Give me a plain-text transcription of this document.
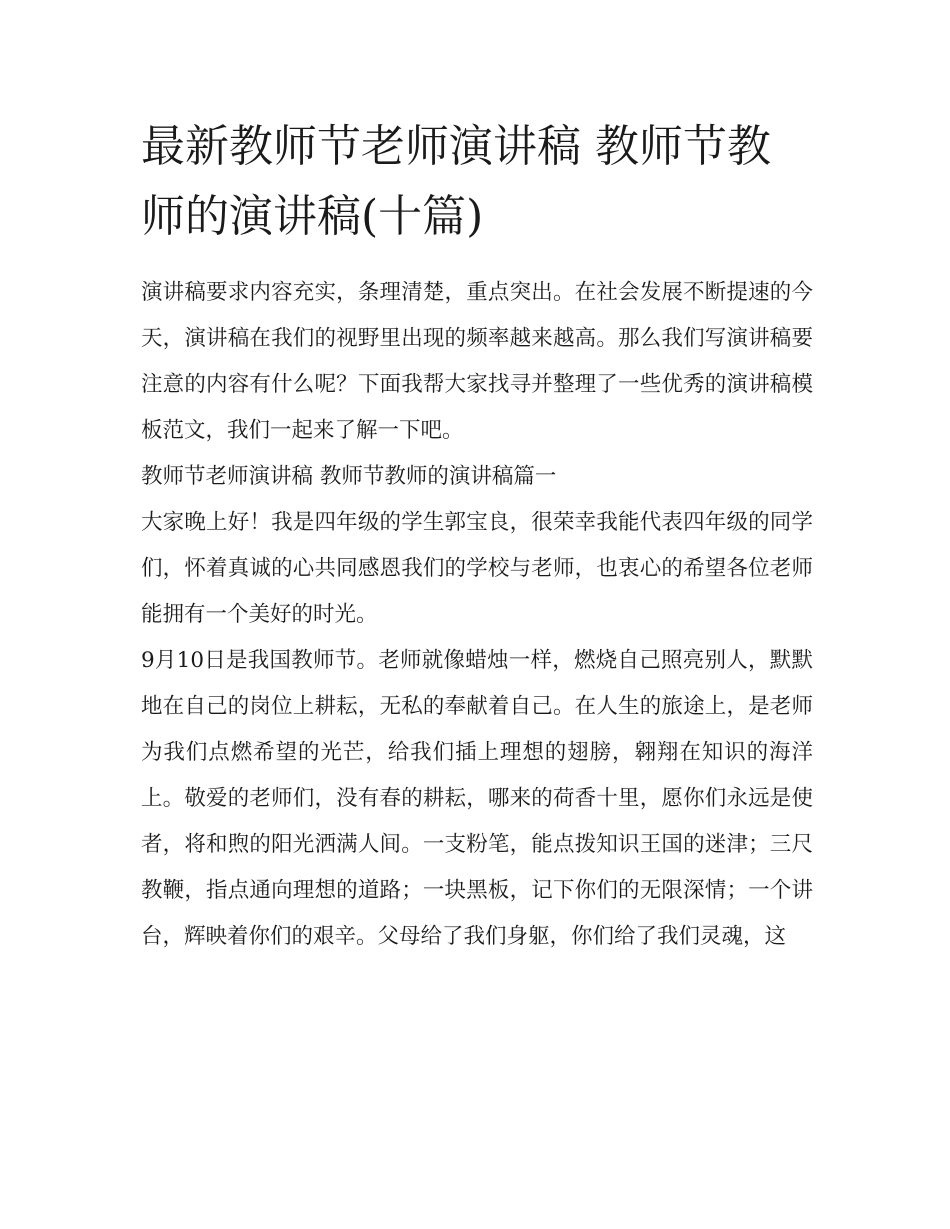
最新教师节老师演讲稿 教师节教师的演讲稿(十篇)

演讲稿要求内容充实，条理清楚，重点突出。在社会发展不断提速的今天，演讲稿在我们的视野里出现的频率越来越高。那么我们写演讲稿要注意的内容有什么呢？下面我帮大家找寻并整理了一些优秀的演讲稿模板范文，我们一起来了解一下吧。

教师节老师演讲稿 教师节教师的演讲稿篇一

大家晚上好！我是四年级的学生郭宝良，很荣幸我能代表四年级的同学们，怀着真诚的心共同感恩我们的学校与老师，也衷心的希望各位老师能拥有一个美好的时光。

9月10日是我国教师节。老师就像蜡烛一样，燃烧自己照亮别人，默默地在自己的岗位上耕耘，无私的奉献着自己。在人生的旅途上，是老师为我们点燃希望的光芒，给我们插上理想的翅膀，翱翔在知识的海洋上。敬爱的老师们，没有春的耕耘，哪来的荷香十里，愿你们永远是使者，将和煦的阳光洒满人间。一支粉笔，能点拨知识王国的迷津；三尺教鞭，指点通向理想的道路；一块黑板，记下你们的无限深情；一个讲台，辉映着你们的艰辛。父母给了我们身躯，你们给了我们灵魂，这
